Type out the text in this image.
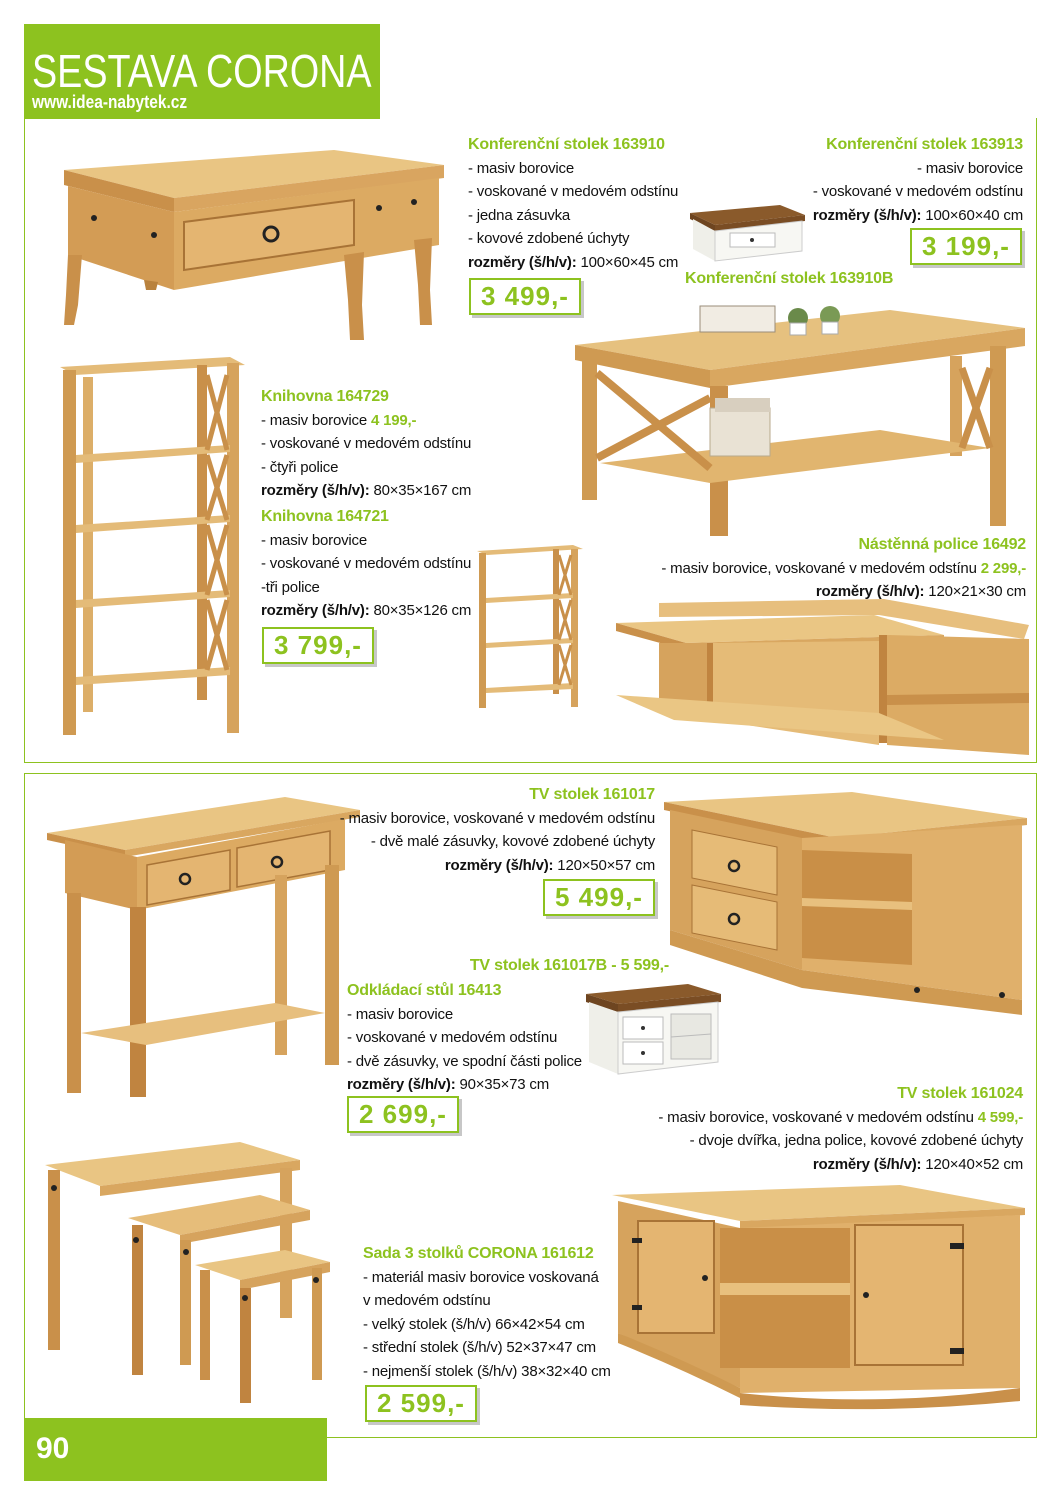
SESTAVA CORONA
www.idea-nabytek.cz
Konferenční stolek 163910
- masiv borovice
- voskované v medovém odstínu
- jedna zásuvka
- kovové zdobené úchyty
rozměry (š/h/v): 100×60×45 cm
3 499,-
Konferenční stolek 163913
- masiv borovice
- voskované v medovém odstínu
rozměry (š/h/v): 100×60×40 cm
3 199,-
Konferenční stolek 163910B
Knihovna 164729
- masiv borovice 4 199,-
- voskované v medovém odstínu
- čtyři police
rozměry (š/h/v): 80×35×167 cm
Knihovna 164721
- masiv borovice
- voskované v medovém odstínu
-tři police
rozměry (š/h/v): 80×35×126 cm
3 799,-
Nástěnná police 16492
- masiv borovice, voskované v medovém odstínu 2 299,-
rozměry (š/h/v): 120×21×30 cm
TV stolek 161017
- masiv borovice, voskované v medovém odstínu
- dvě malé zásuvky, kovové zdobené úchyty
rozměry (š/h/v): 120×50×57 cm
5 499,-
TV stolek 161017B - 5 599,-
Odkládací stůl 16413
- masiv borovice
- voskované v medovém odstínu
- dvě zásuvky, ve spodní části police
rozměry (š/h/v): 90×35×73 cm
2 699,-
TV stolek 161024
- masiv borovice, voskované v medovém odstínu 4 599,-
- dvoje dvířka, jedna police, kovové zdobené úchyty
rozměry (š/h/v): 120×40×52 cm
Sada 3 stolků CORONA 161612
- materiál masiv borovice voskovaná
v medovém odstínu
- velký stolek (š/h/v) 66×42×54 cm
- střední stolek (š/h/v) 52×37×47 cm
- nejmenší stolek (š/h/v) 38×32×40 cm
2 599,-
90
